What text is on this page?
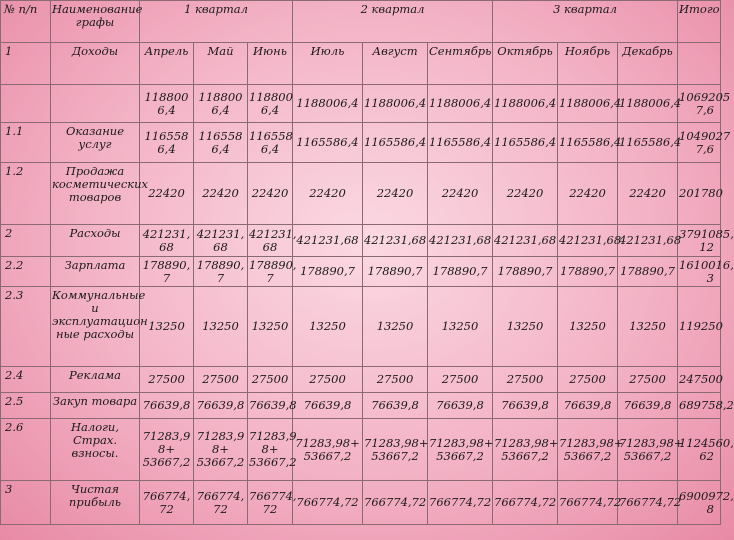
№ п/п	Наименование графы	1 квартал			2 квартал			3 квартал			Итого
1	Доходы	Апрель	Май	Июнь	Июль	Август	Сентябрь	Октябрь	Ноябрь	Декабрь	
		118800 6,4	118800 6,4	118800 6,4	1188006,4	1188006,4	1188006,4	1188006,4	1188006,4	1188006,4	1069205 7,6
1.1	Оказание услуг	116558 6,4	116558 6,4	116558 6,4	1165586,4	1165586,4	1165586,4	1165586,4	1165586,4	1165586,4	1049027 7,6
1.2	Продажа косметических товаров	22420	22420	22420	22420	22420	22420	22420	22420	22420	201780
2	Расходы	421231, 68	421231, 68	421231, 68	421231,68	421231,68	421231,68	421231,68	421231,68	421231,68	3791085, 12
2.2	Зарплата	178890, 7	178890, 7	178890, 7	178890,7	178890,7	178890,7	178890,7	178890,7	178890,7	1610016, 3
2.3	Коммунальные и эксплуатацион ные расходы	13250	13250	13250	13250	13250	13250	13250	13250	13250	119250
2.4	Реклама	27500	27500	27500	27500	27500	27500	27500	27500	27500	247500
2.5	Закуп товара	76639,8	76639,8	76639,8	76639,8	76639,8	76639,8	76639,8	76639,8	76639,8	689758,2
2.6	Налоги, Страх. взносы.	71283,9 8+ 53667,2	71283,9 8+ 53667,2	71283,9 8+ 53667,2	71283,98+ 53667,2	71283,98+ 53667,2	71283,98+ 53667,2	71283,98+ 53667,2	71283,98+ 53667,2	71283,98+ 53667,2	1124560, 62
3	Чистая прибыль	766774, 72	766774, 72	766774, 72	766774,72	766774,72	766774,72	766774,72	766774,72	766774,72	6900972, 8
